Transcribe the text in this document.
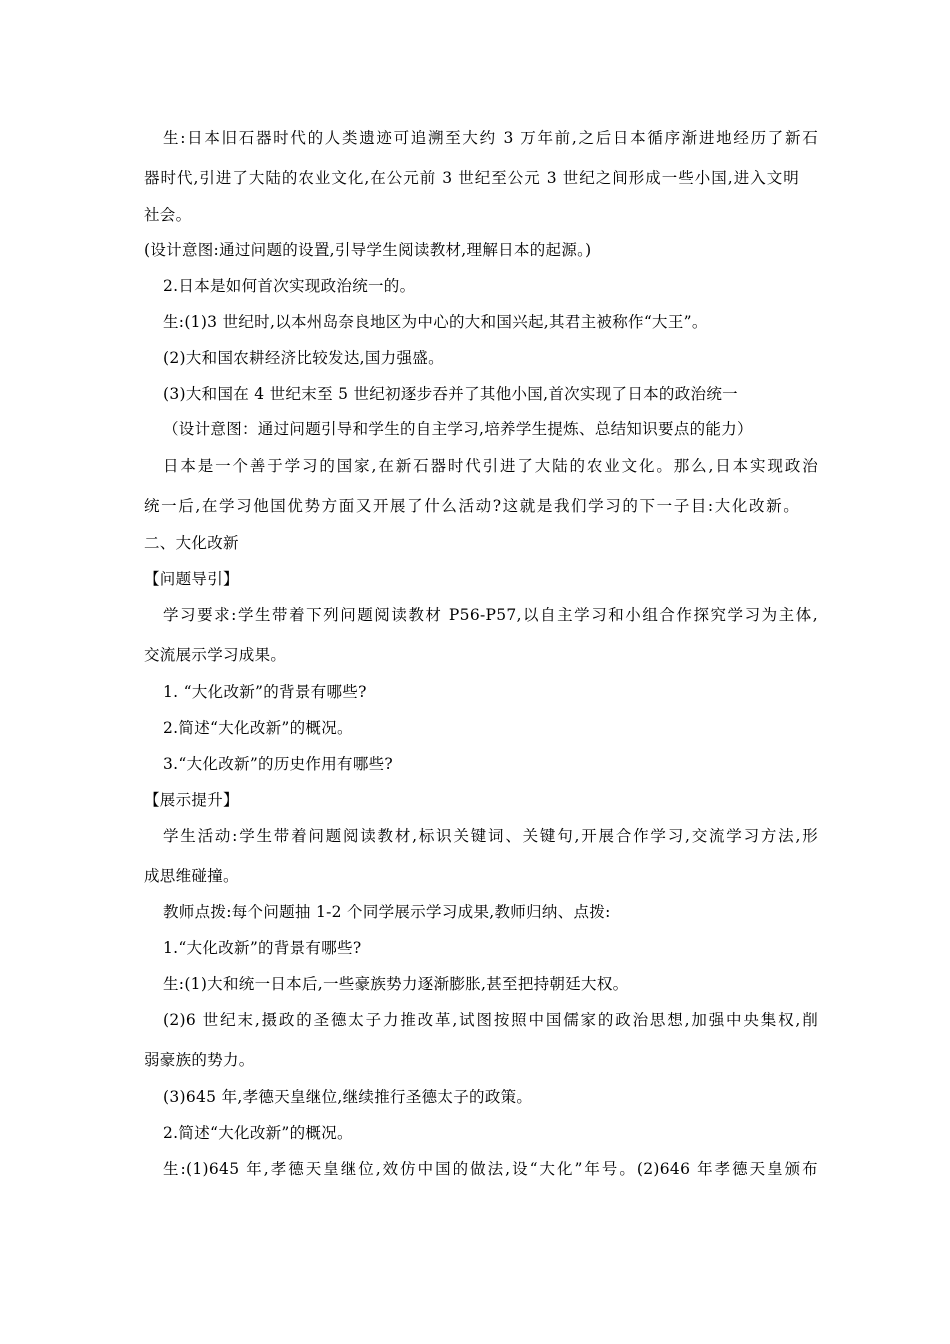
生:日本旧石器时代的人类遗迹可追溯至大约 3 万年前,之后日本循序渐进地经历了新石
器时代,引进了大陆的农业文化,在公元前 3 世纪至公元 3 世纪之间形成一些小国,进入文明
社会。
(设计意图:通过问题的设置,引导学生阅读教材,理解日本的起源。)
2.日本是如何首次实现政治统一的。
生:(1)3 世纪时,以本州岛奈良地区为中心的大和国兴起,其君主被称作“大王”。
(2)大和国农耕经济比较发达,国力强盛。
(3)大和国在 4 世纪末至 5 世纪初逐步吞并了其他小国,首次实现了日本的政治统一
（设计意图：通过问题引导和学生的自主学习,培养学生提炼、总结知识要点的能力）
日本是一个善于学习的国家,在新石器时代引进了大陆的农业文化。那么,日本实现政治
统一后,在学习他国优势方面又开展了什么活动?这就是我们学习的下一子目:大化改新。
二、大化改新
【问题导引】
学习要求:学生带着下列问题阅读教材 P56-P57,以自主学习和小组合作探究学习为主体,
交流展示学习成果。
1. “大化改新”的背景有哪些?
2.简述“大化改新”的概况。
3.“大化改新”的历史作用有哪些?
【展示提升】
学生活动:学生带着问题阅读教材,标识关键词、关键句,开展合作学习,交流学习方法,形
成思维碰撞。
教师点拨:每个问题抽 1-2 个同学展示学习成果,教师归纳、点拨:
1.“大化改新”的背景有哪些?
生:(1)大和统一日本后,一些豪族势力逐渐膨胀,甚至把持朝廷大权。
(2)6 世纪末,摄政的圣德太子力推改革,试图按照中国儒家的政治思想,加强中央集权,削
弱豪族的势力。
(3)645 年,孝德天皇继位,继续推行圣德太子的政策。
2.简述“大化改新”的概况。
生:(1)645 年,孝德天皇继位,效仿中国的做法,设“大化”年号。(2)646 年孝德天皇颁布
